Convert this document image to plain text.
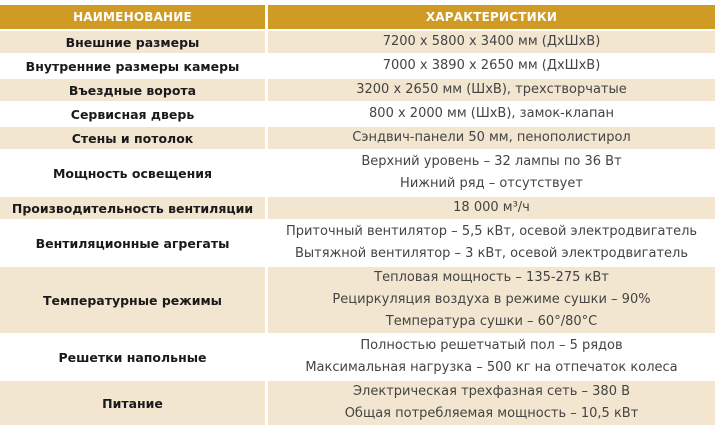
НАИМЕНОВАНИЕ	ХАРАКТЕРИСТИКИ
Внешние размеры	7200 х 5800 х 3400 мм (ДхШхВ)

Внутренние размеры камеры	7000 х 3890 х 2650 мм (ДхШхВ)

Въездные ворота	3200 х 2650 мм (ШхВ), трехстворчатые

Сервисная дверь	800 х 2000 мм (ШхВ), замок-клапан

Стены и потолок	Сэндвич-панели 50 мм, пенополистирол

Мощность освещения	Верхний уровень – 32 лампы по 36 Вт
Нижний ряд – отсутствует

Производительность вентиляции	18 000 м³/ч

Вентиляционные агрегаты	Приточный вентилятор – 5,5 кВт, осевой электродвигатель
Вытяжной вентилятор – 3 кВт, осевой электродвигатель

Температурные режимы	Тепловая мощность – 135-275 кВт
Рециркуляция воздуха в режиме сушки – 90%
Температура сушки – 60°/80°C

Решетки напольные	Полностью решетчатый пол – 5 рядов
Максимальная нагрузка – 500 кг на отпечаток колеса

Питание	Электрическая трехфазная сеть – 380 В
Общая потребляемая мощность – 10,5 кВт
